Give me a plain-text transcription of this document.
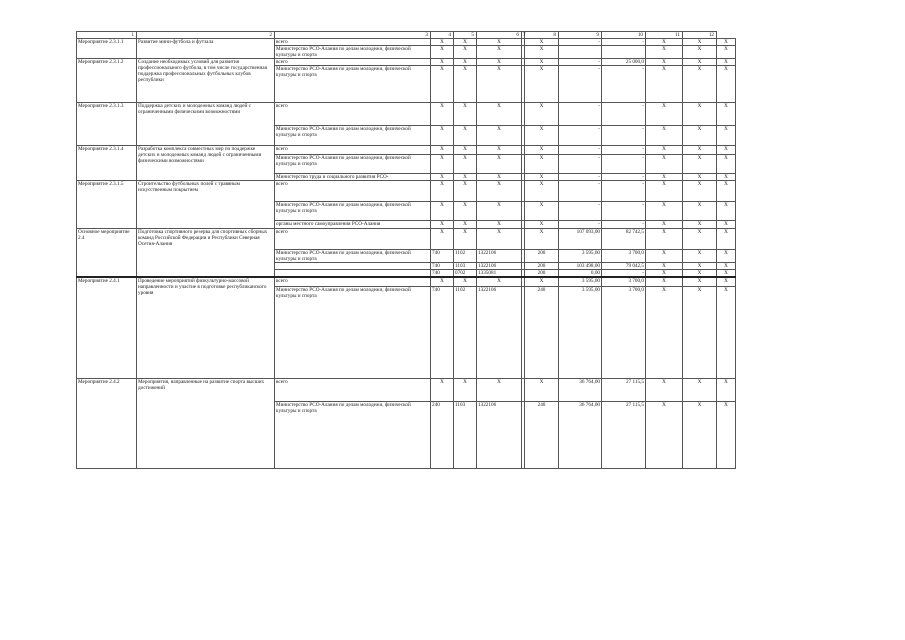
1	2	3	4	5	6	7	8	9	10	11	12	
Мероприятие 2.3.1.1	Развитие мини-футбола и футзала	всего	Х	Х	Х		Х	-	-	Х	Х	Х
		Министерство РСО-Алания по делам молодежи, физической культуры и спорта	Х	Х	Х		Х			Х	Х	Х
Мероприятие 2.3.1.2	Создание необходимых условий для развития профессионального футбола, в том числе государственная поддержка профессиональных футбольных клубов республики	всего	Х	Х	Х		Х	-	25 000,0	Х	Х	Х
		Министерство РСО-Алания по делам молодежи, физической культуры и спорта	Х	Х	Х		Х	-	-	Х	Х	Х
Мероприятие 2.3.1.3	Поддержка детских и молодежных команд людей с ограниченными физическими возможностями	всего	Х	Х	Х		Х	-	-	Х	Х	Х
		Министерство РСО-Алания по делам молодежи, физической культуры и спорта	Х	Х	Х		Х	-	-	Х	Х	Х
Мероприятие 2.3.1.4	Разработка комплекса совместных мер по поддержке детских и молодежных команд людей с ограниченными физическими возможностями	всего	Х	Х	Х		Х	-	-	Х	Х	Х
		Министерство РСО-Алания по делам молодежи, физической культуры и спорта	Х	Х	Х		Х	-	-	Х	Х	Х
		Министерство труда и социального развития РСО-	Х	Х	Х		Х	-	-	Х	Х	Х
Мероприятие 2.3.1.5	Строительство футбольных полей с травяным искусственным покрытием	всего	Х	Х	Х		Х	-	-	Х	Х	Х
		Министерство РСО-Алания по делам молодежи, физической культуры и спорта	Х	Х	Х		Х	-	-	Х	Х	Х
		органы местного самоуправления РСО-Алания	Х	Х	Х		Х	-	-	Х	Х	Х
Основное мероприятие 2.4	Подготовка спортивного резерва для спортивных сборных команд Российской Федерации и Республики Северная Осетия-Алания	всего	Х	Х	Х		Х	107 093,00	82 742,5	Х	Х	Х
		Министерство РСО-Алания по делам молодежи, физической культуры и спорта	740	1102	1322106		200	3 595,00	3 700,0	Х	Х	Х
			740	1103	1322106		200	103 498,00	79 042,5	Х	Х	Х
			740	0702	1335081		200	0,00	-	Х	Х	Х
Мероприятие 2.4.1	Проведение мероприятий физкультурно-массовой направленности и участие в подготовке республиканского уровня	всего	Х	Х	Х		Х	3 595,00	3 700,0	Х	Х	Х
		Министерство РСО-Алания по делам молодежи, физической культуры и спорта	740	1102	1322106		240	3 595,00	3 700,0	Х	Х	Х
Мероприятие 2.4.2	Мероприятия, направленные на развитие спорта высших достижений	всего	Х	Х	Х		Х	36 764,00	27 115,5	Х	Х	Х
		Министерство РСО-Алания по делам молодежи, физической культуры и спорта	240	1103	1322106		240	36 764,00	27 115,5	Х	Х	Х
